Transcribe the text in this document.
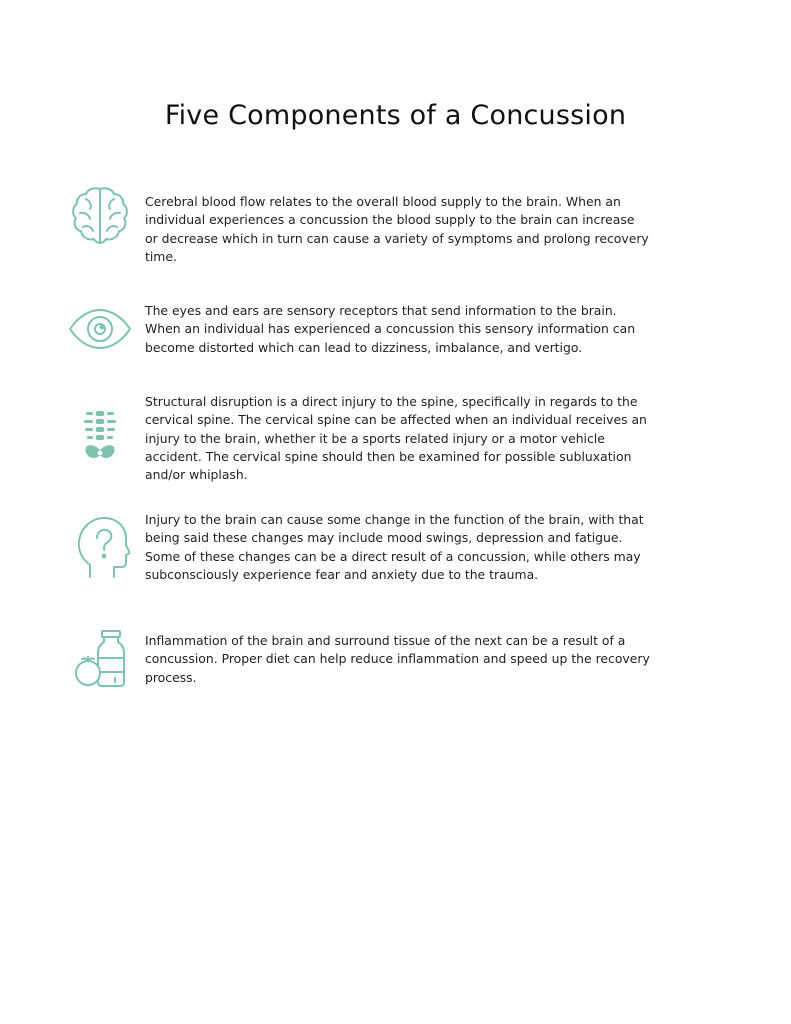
Five Components of a Concussion
Cerebral blood flow relates to the overall blood supply to the brain. When an individual experiences a concussion the blood supply to the brain can increase or decrease which in turn can cause a variety of symptoms and prolong recovery time.
The eyes and ears are sensory receptors that send information to the brain. When an individual has experienced a concussion this sensory information can become distorted which can lead to dizziness, imbalance, and vertigo.
Structural disruption is a direct injury to the spine, specifically in regards to the cervical spine. The cervical spine can be affected when an individual receives an injury to the brain, whether it be a sports related injury or a motor vehicle accident. The cervical spine should then be examined for possible subluxation and/or whiplash.
Injury to the brain can cause some change in the function of the brain, with that being said these changes may include mood swings, depression and fatigue. Some of these changes can be a direct result of a concussion, while others may subconsciously experience fear and anxiety due to the trauma.
Inflammation of the brain and surround tissue of the next can be a result of a concussion. Proper diet can help reduce inflammation and speed up the recovery process.
